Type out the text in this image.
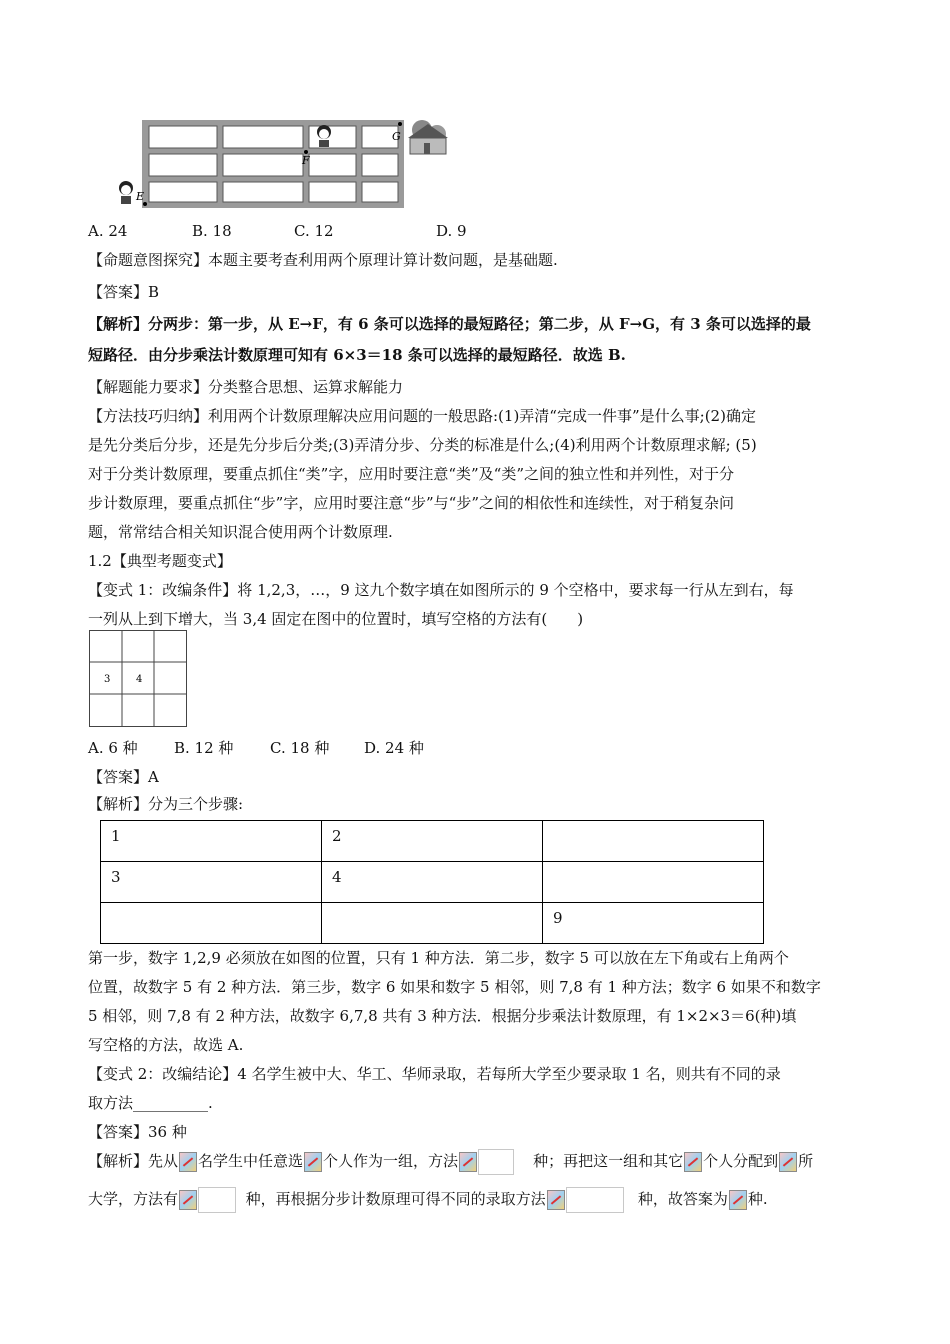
E
F
G
A. 24	B. 18	C. 12	D. 9
【命题意图探究】本题主要考查利用两个原理计算计数问题，是基础题.
【答案】B
【解析】分两步：第一步，从 E→F，有 6 条可以选择的最短路径；第二步，从 F→G，有 3 条可以选择的最
短路径．由分步乘法计数原理可知有 6×3＝18 条可以选择的最短路径．故选 B.
【解题能力要求】分类整合思想、运算求解能力
【方法技巧归纳】利用两个计数原理解决应用问题的一般思路:(1)弄清“完成一件事”是什么事;(2)确定
是先分类后分步，还是先分步后分类;(3)弄清分步、分类的标准是什么;(4)利用两个计数原理求解; (5)
对于分类计数原理，要重点抓住“类”字，应用时要注意“类”及“类”之间的独立性和并列性，对于分
步计数原理，要重点抓住“步”字，应用时要注意“步”与“步”之间的相依性和连续性，对于稍复杂问
题，常常结合相关知识混合使用两个计数原理.
1.2【典型考题变式】
【变式 1：改编条件】将 1,2,3，…，9 这九个数字填在如图所示的 9 个空格中，要求每一行从左到右，每
一列从上到下增大，当 3,4 固定在图中的位置时，填写空格的方法有(　　)
3	4
A. 6 种 B. 12 种 C. 18 种 D. 24 种
【答案】A
【解析】分为三个步骤:
1	2	
3	4	
		9
第一步，数字 1,2,9 必须放在如图的位置，只有 1 种方法．第二步，数字 5 可以放在左下角或右上角两个
位置，故数字 5 有 2 种方法．第三步，数字 6 如果和数字 5 相邻，则 7,8 有 1 种方法；数字 6 如果不和数字
5 相邻，则 7,8 有 2 种方法，故数字 6,7,8 共有 3 种方法．根据分步乘法计数原理，有 1×2×3＝6(种)填
写空格的方法，故选 A.
【变式 2：改编结论】4 名学生被中大、华工、华师录取，若每所大学至少要录取 1 名，则共有不同的录
取方法__________.
【答案】36 种
【解析】先从 名学生中任意选 个人作为一组，方法	种；再把这一组和其它 个人分配到 所
大学，方法有	种，再根据分步计数原理可得不同的录取方法	种，故答案为 种.
